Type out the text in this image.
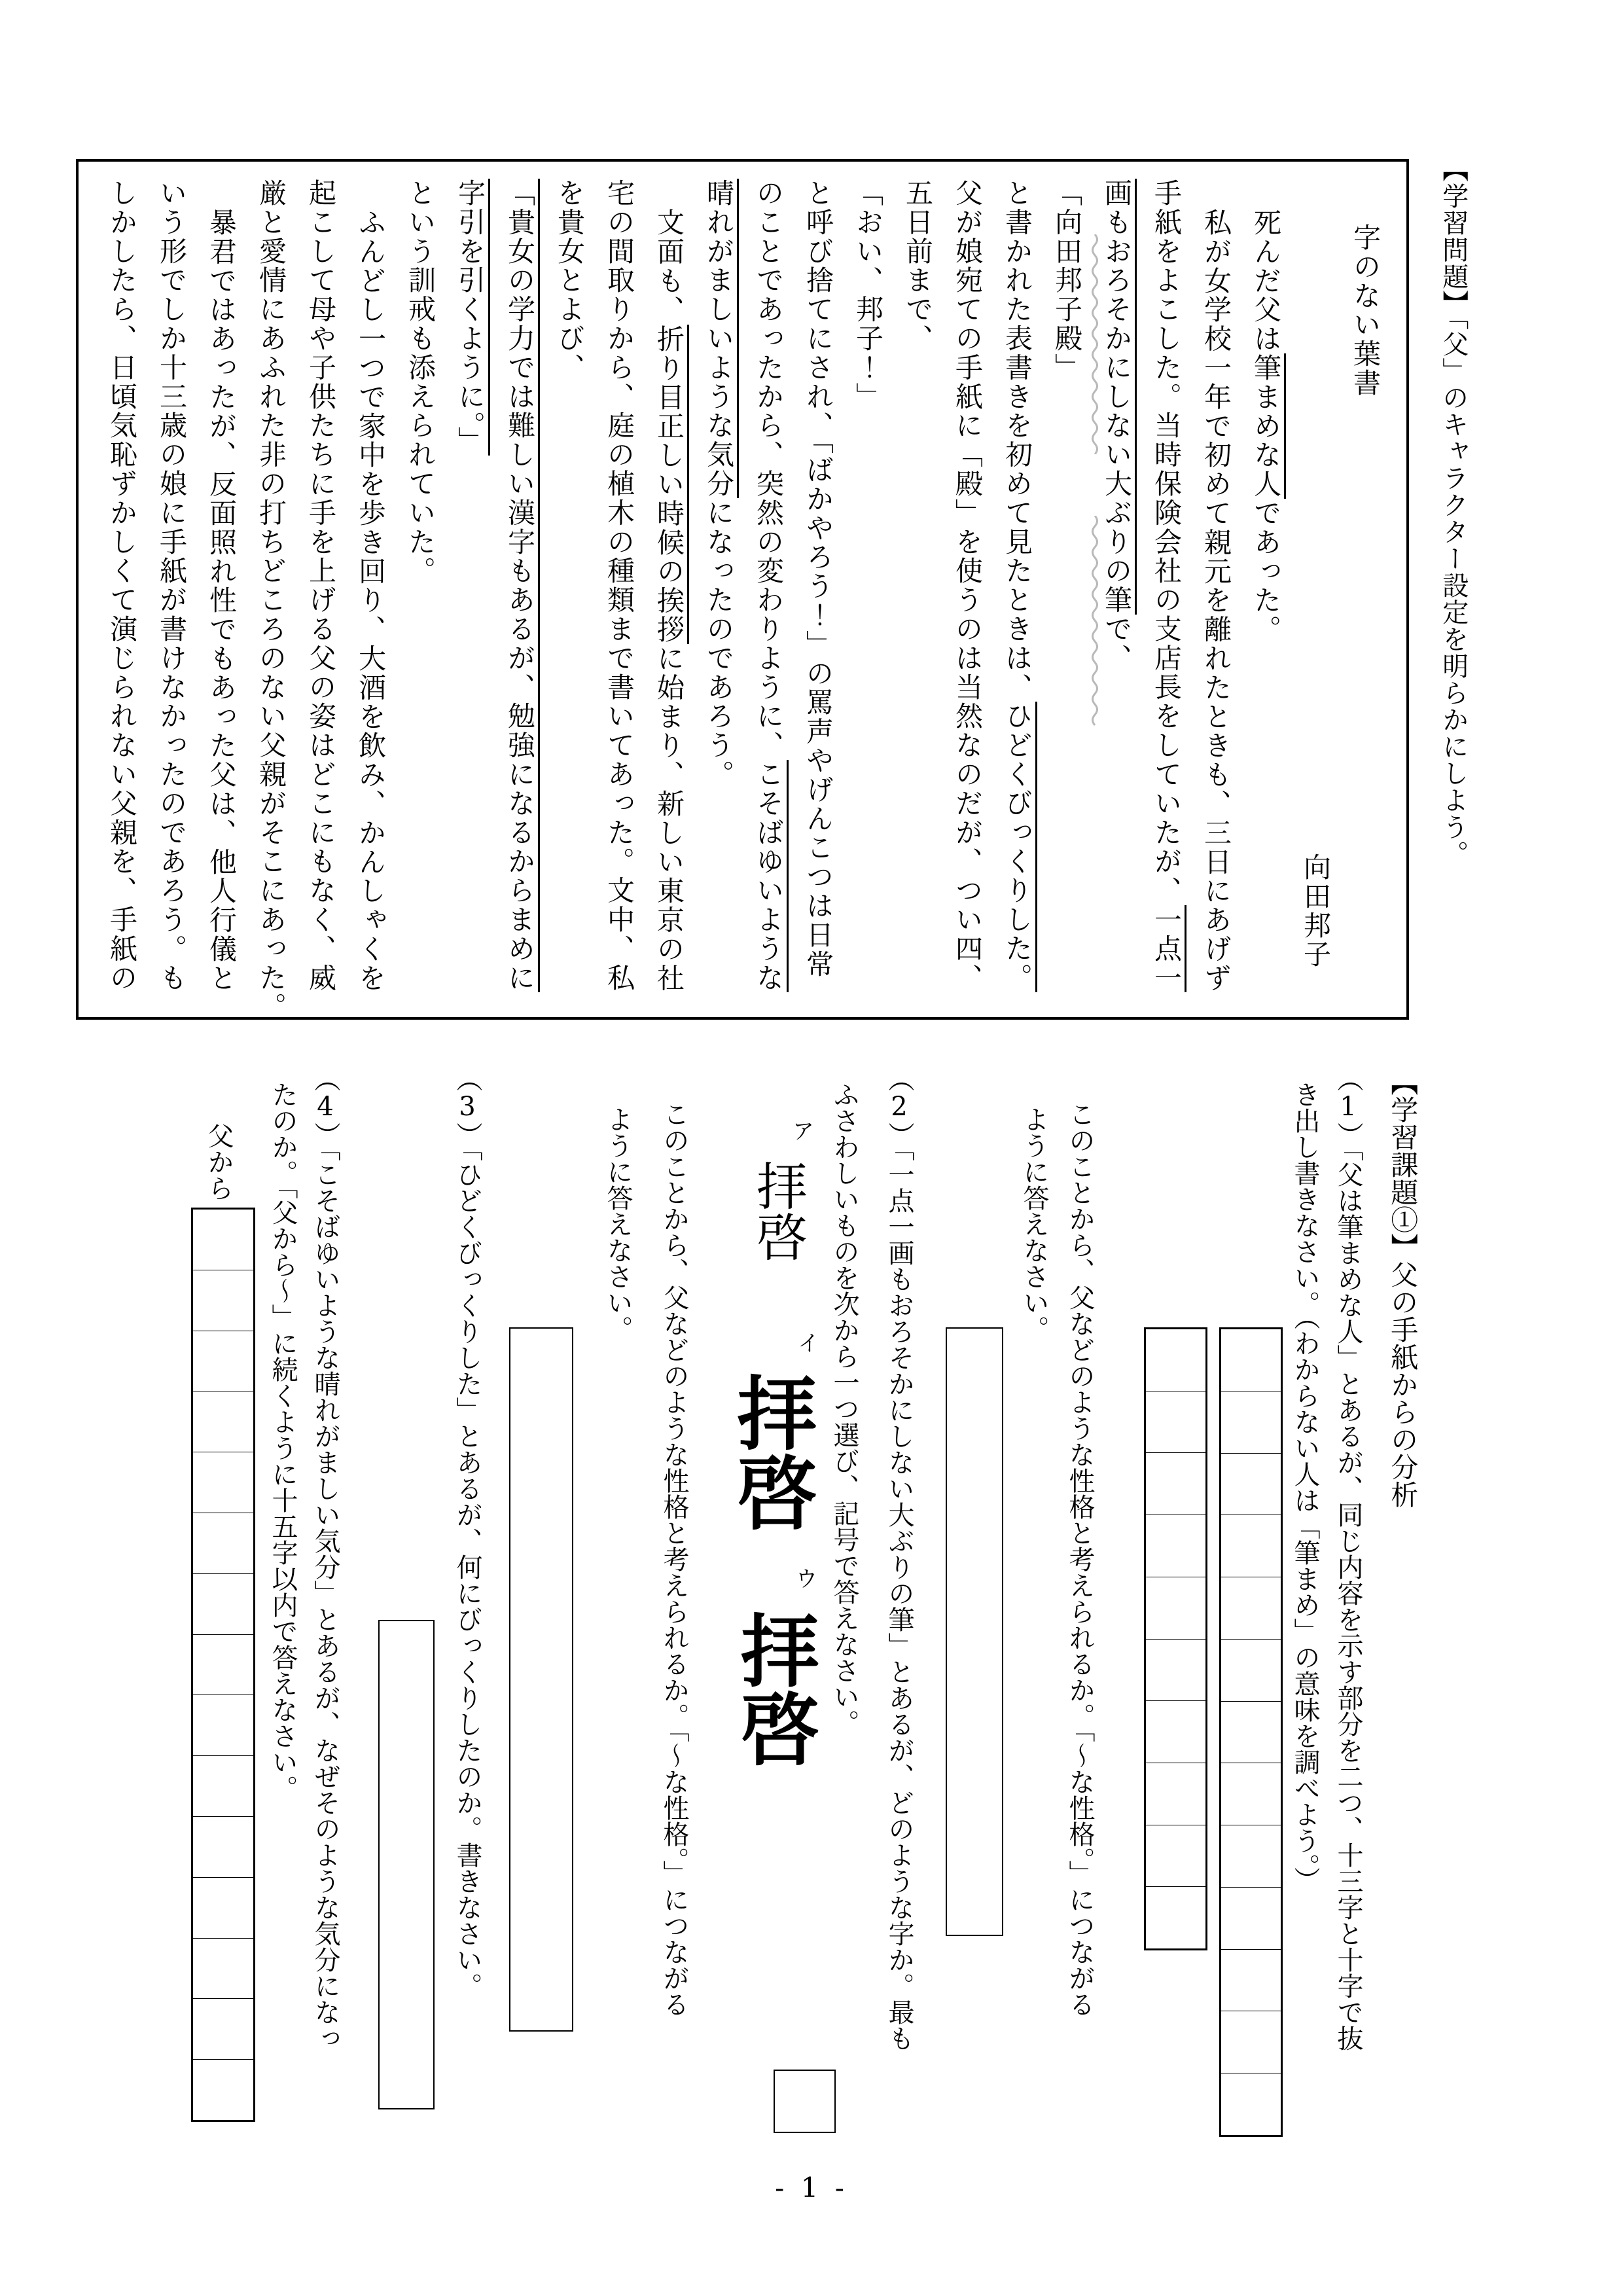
【学習問題】「父」のキャラクター設定を明らかにしよう。
字のない葉書
向田邦子
死んだ父は筆まめな人であった。
私が女学校一年で初めて親元を離れたときも、三日にあげず
手紙をよこした。当時保険会社の支店長をしていたが、一点一
画もおろそかにしない大ぶりの筆で、
「向田邦子殿」
と書かれた表書きを初めて見たときは、ひどくびっくりした。
父が娘宛ての手紙に「殿」を使うのは当然なのだが、つい四、
五日前まで、
「おい、邦子！」
と呼び捨てにされ、「ばかやろう！」の罵声やげんこつは日常
のことであったから、突然の変わりように、こそばゆいような
晴れがましいような気分になったのであろう。
文面も、折り目正しい時候の挨拶に始まり、新しい東京の社
宅の間取りから、庭の植木の種類まで書いてあった。文中、私
を貴女とよび、
「貴女の学力では難しい漢字もあるが、勉強になるからまめに
字引を引くように。」
という訓戒も添えられていた。
ふんどし一つで家中を歩き回り、大酒を飲み、かんしゃくを
起こして母や子供たちに手を上げる父の姿はどこにもなく、威
厳と愛情にあふれた非の打ちどころのない父親がそこにあった。
暴君ではあったが、反面照れ性でもあった父は、他人行儀と
いう形でしか十三歳の娘に手紙が書けなかったのであろう。も
しかしたら、日頃気恥ずかしくて演じられない父親を、手紙の
【学習課題①】父の手紙からの分析
（1）「父は筆まめな人」とあるが、同じ内容を示す部分を二つ、十三字と十字で抜
き出し書きなさい。（わからない人は「筆まめ」の意味を調べよう。）
このことから、父などのような性格と考えられるか。「〜な性格。」につながる
ように答えなさい。
（2）「一点一画もおろそかにしない大ぶりの筆」とあるが、どのような字か。最も
ふさわしいものを次から一つ選び、記号で答えなさい。
ア
拝啓
イ
拝啓
ウ
拝啓
このことから、父などのような性格と考えられるか。「〜な性格。」につながる
ように答えなさい。
（3）「ひどくびっくりした」とあるが、何にびっくりしたのか。書きなさい。
（4）「こそばゆいような晴れがましい気分」とあるが、なぜそのような気分になっ
たのか。「父から〜」に続くように十五字以内で答えなさい。
父から
- 1 -
